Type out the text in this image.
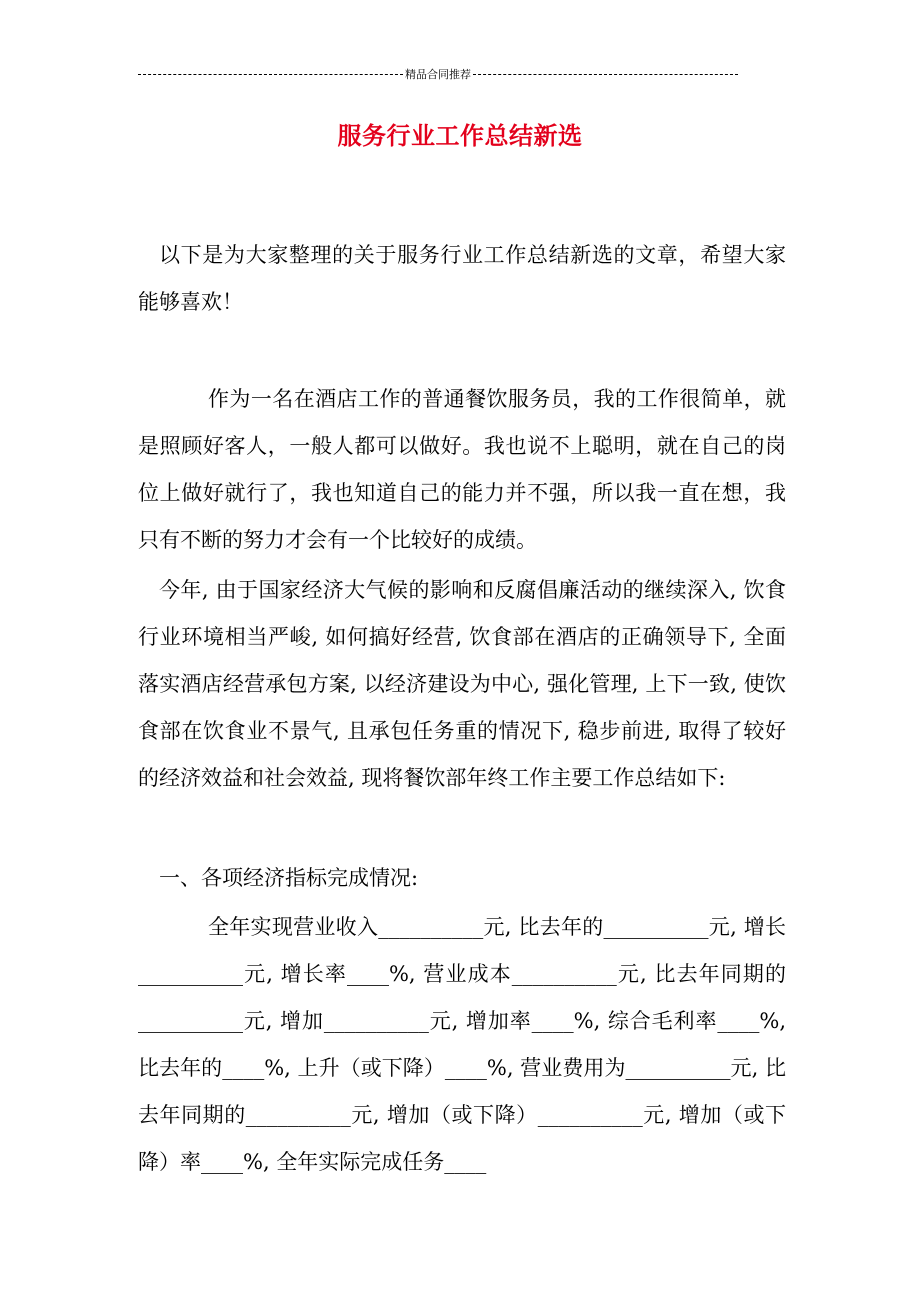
精品合同推荐
服务行业工作总结新选

以下是为大家整理的关于服务行业工作总结新选的文章，希望大家能够喜欢！

作为一名在酒店工作的普通餐饮服务员，我的工作很简单，就是照顾好客人，一般人都可以做好。我也说不上聪明，就在自己的岗位上做好就行了，我也知道自己的能力并不强，所以我一直在想，我只有不断的努力才会有一个比较好的成绩。

今年, 由于国家经济大气候的影响和反腐倡廉活动的继续深入, 饮食行业环境相当严峻, 如何搞好经营, 饮食部在酒店的正确领导下, 全面落实酒店经营承包方案, 以经济建设为中心, 强化管理, 上下一致, 使饮食部在饮食业不景气, 且承包任务重的情况下, 稳步前进, 取得了较好的经济效益和社会效益, 现将餐饮部年终工作主要工作总结如下:

一、各项经济指标完成情况:

全年实现营业收入__________元, 比去年的__________元, 增长__________元, 增长率____%, 营业成本__________元, 比去年同期的__________元, 增加__________元, 增加率____%, 综合毛利率____%, 比去年的____%, 上升（或下降）____%, 营业费用为__________元, 比去年同期的__________元, 增加（或下降）__________元, 增加（或下降）率____%, 全年实际完成任务____
